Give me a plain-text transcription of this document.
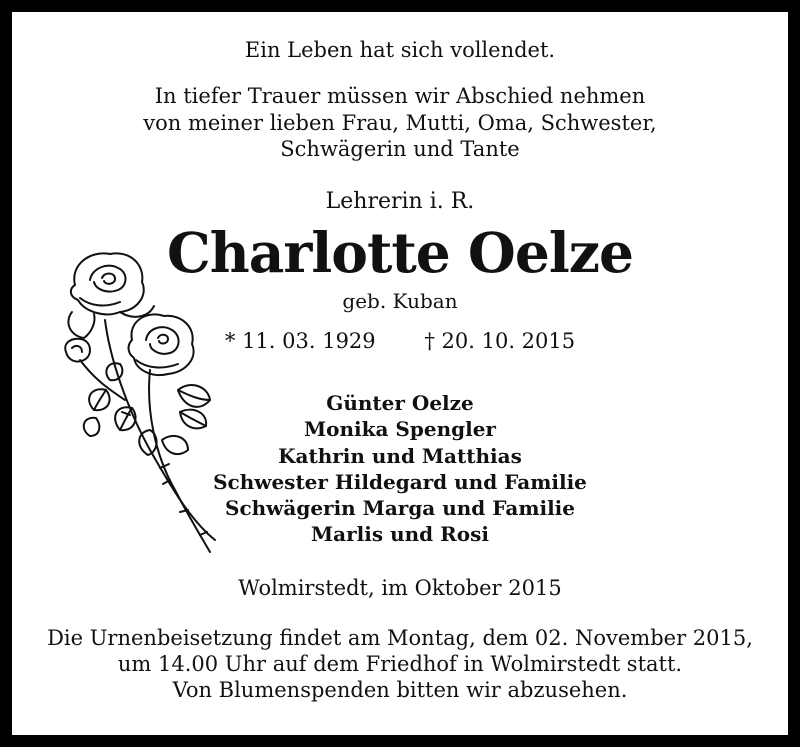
Ein Leben hat sich vollendet.
In tiefer Trauer müssen wir Abschied nehmen
von meiner lieben Frau, Mutti, Oma, Schwester,
Schwägerin und Tante
Lehrerin i. R.
Charlotte Oelze
geb. Kuban
* 11. 03. 1929 † 20. 10. 2015
Günter Oelze
Monika Spengler
Kathrin und Matthias
Schwester Hildegard und Familie
Schwägerin Marga und Familie
Marlis und Rosi
Wolmirstedt, im Oktober 2015
Die Urnenbeisetzung findet am Montag, dem 02. November 2015,
um 14.00 Uhr auf dem Friedhof in Wolmirstedt statt.
Von Blumenspenden bitten wir abzusehen.
